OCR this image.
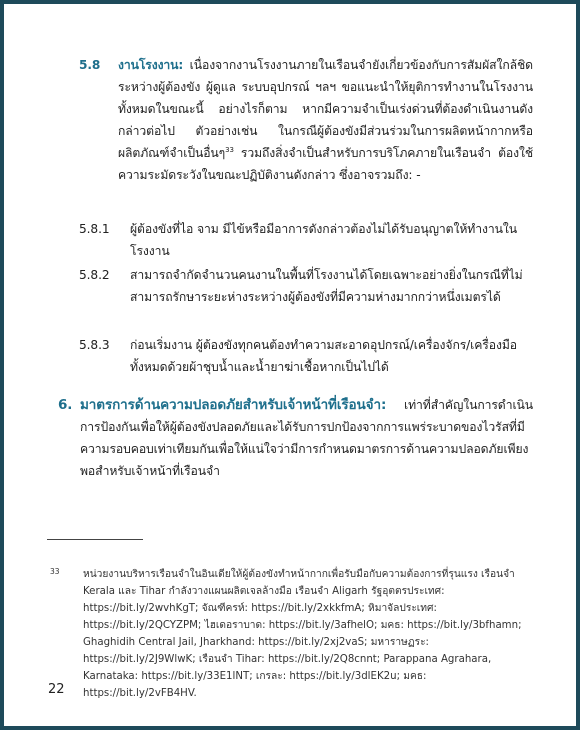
5.8 งานโรงงาน: เนื่องจากงานโรงงานภายในเรือนจำยังเกี่ยวข้องกับการสัมผัสใกล้ชิดระหว่างผู้ต้องขัง ผู้ดูแล ระบบอุปกรณ์ ฯลฯ ขอแนะนำให้ยุติการทำงานในโรงงานทั้งหมดในขณะนี้ อย่างไรก็ตาม หากมีความจำเป็นเร่งด่วนที่ต้องดำเนินงานดังกล่าวต่อไป ตัวอย่างเช่น ในกรณีผู้ต้องขังมีส่วนร่วมในการผลิตหน้ากากหรือผลิตภัณฑ์จำเป็นอื่นๆ$^{33}$ รวมถึงสิ่งจำเป็นสำหรับการบริโภคภายในเรือนจำ ต้องใช้ความระมัดระวังในขณะปฏิบัติงานดังกล่าว ซึ่งอาจรวมถึง: -
5.8.1 ผู้ต้องขังที่ไอ จาม มีไข้หรือมีอาการดังกล่าวต้องไม่ได้รับอนุญาตให้ทำงานในโรงงาน
5.8.2 สามารถจำกัดจำนวนคนงานในพื้นที่โรงงานได้โดยเฉพาะอย่างยิ่งในกรณีที่ไม่สามารถรักษาระยะห่างระหว่างผู้ต้องขังที่มีความห่างมากกว่าหนึ่งเมตรได้
5.8.3 ก่อนเริ่มงาน ผู้ต้องขังทุกคนต้องทำความสะอาดอุปกรณ์/เครื่องจักร/เครื่องมือทั้งหมดด้วยผ้าชุบน้ำและน้ำยาฆ่าเชื้อหากเป็นไปได้
6. มาตรการด้านความปลอดภัยสำหรับเจ้าหน้าที่เรือนจำ: เท่าที่สำคัญในการดำเนินการป้องกันเพื่อให้ผู้ต้องขังปลอดภัยและได้รับการปกป้องจากการแพร่ระบาดของไวรัสที่มีความรอบคอบเท่าเทียมกันเพื่อให้แน่ใจว่ามีการกำหนดมาตรการด้านความปลอดภัยเพียงพอสำหรับเจ้าหน้าที่เรือนจำ
33 หน่วยงานบริหารเรือนจำในอินเดียให้ผู้ต้องขังทำหน้ากากเพื่อรับมือกับความต้องการที่รุนแรง เรือนจำ Kerala และ Tihar กำลังวางแผนผลิตเจลล้างมือ เรือนจำ Aligarh รัฐอุตตรประเทศ: https://bit.ly/2wvhKgT; จัณฑีครห์: https://bit.ly/2xkkfmA; หิมาจัลประเทศ: https://bit.ly/2QCYZPM; ไฮเดอราบาด: https://bit.ly/3afhelO; มคธ: https://bit.ly/3bfhamn; Ghaghidih Central Jail, Jharkhand: https://bit.ly/2xj2vaS; มหาราษฏระ: https://bit.ly/2J9WlwK; เรือนจำ Tihar: https://bit.ly/2Q8cnnt; Parappana Agrahara, Karnataka: https://bit.ly/33E1lNT; เกรละ: https://bit.ly/3dlEK2u; มคธ: https://bit.ly/2vFB4HV.
22
